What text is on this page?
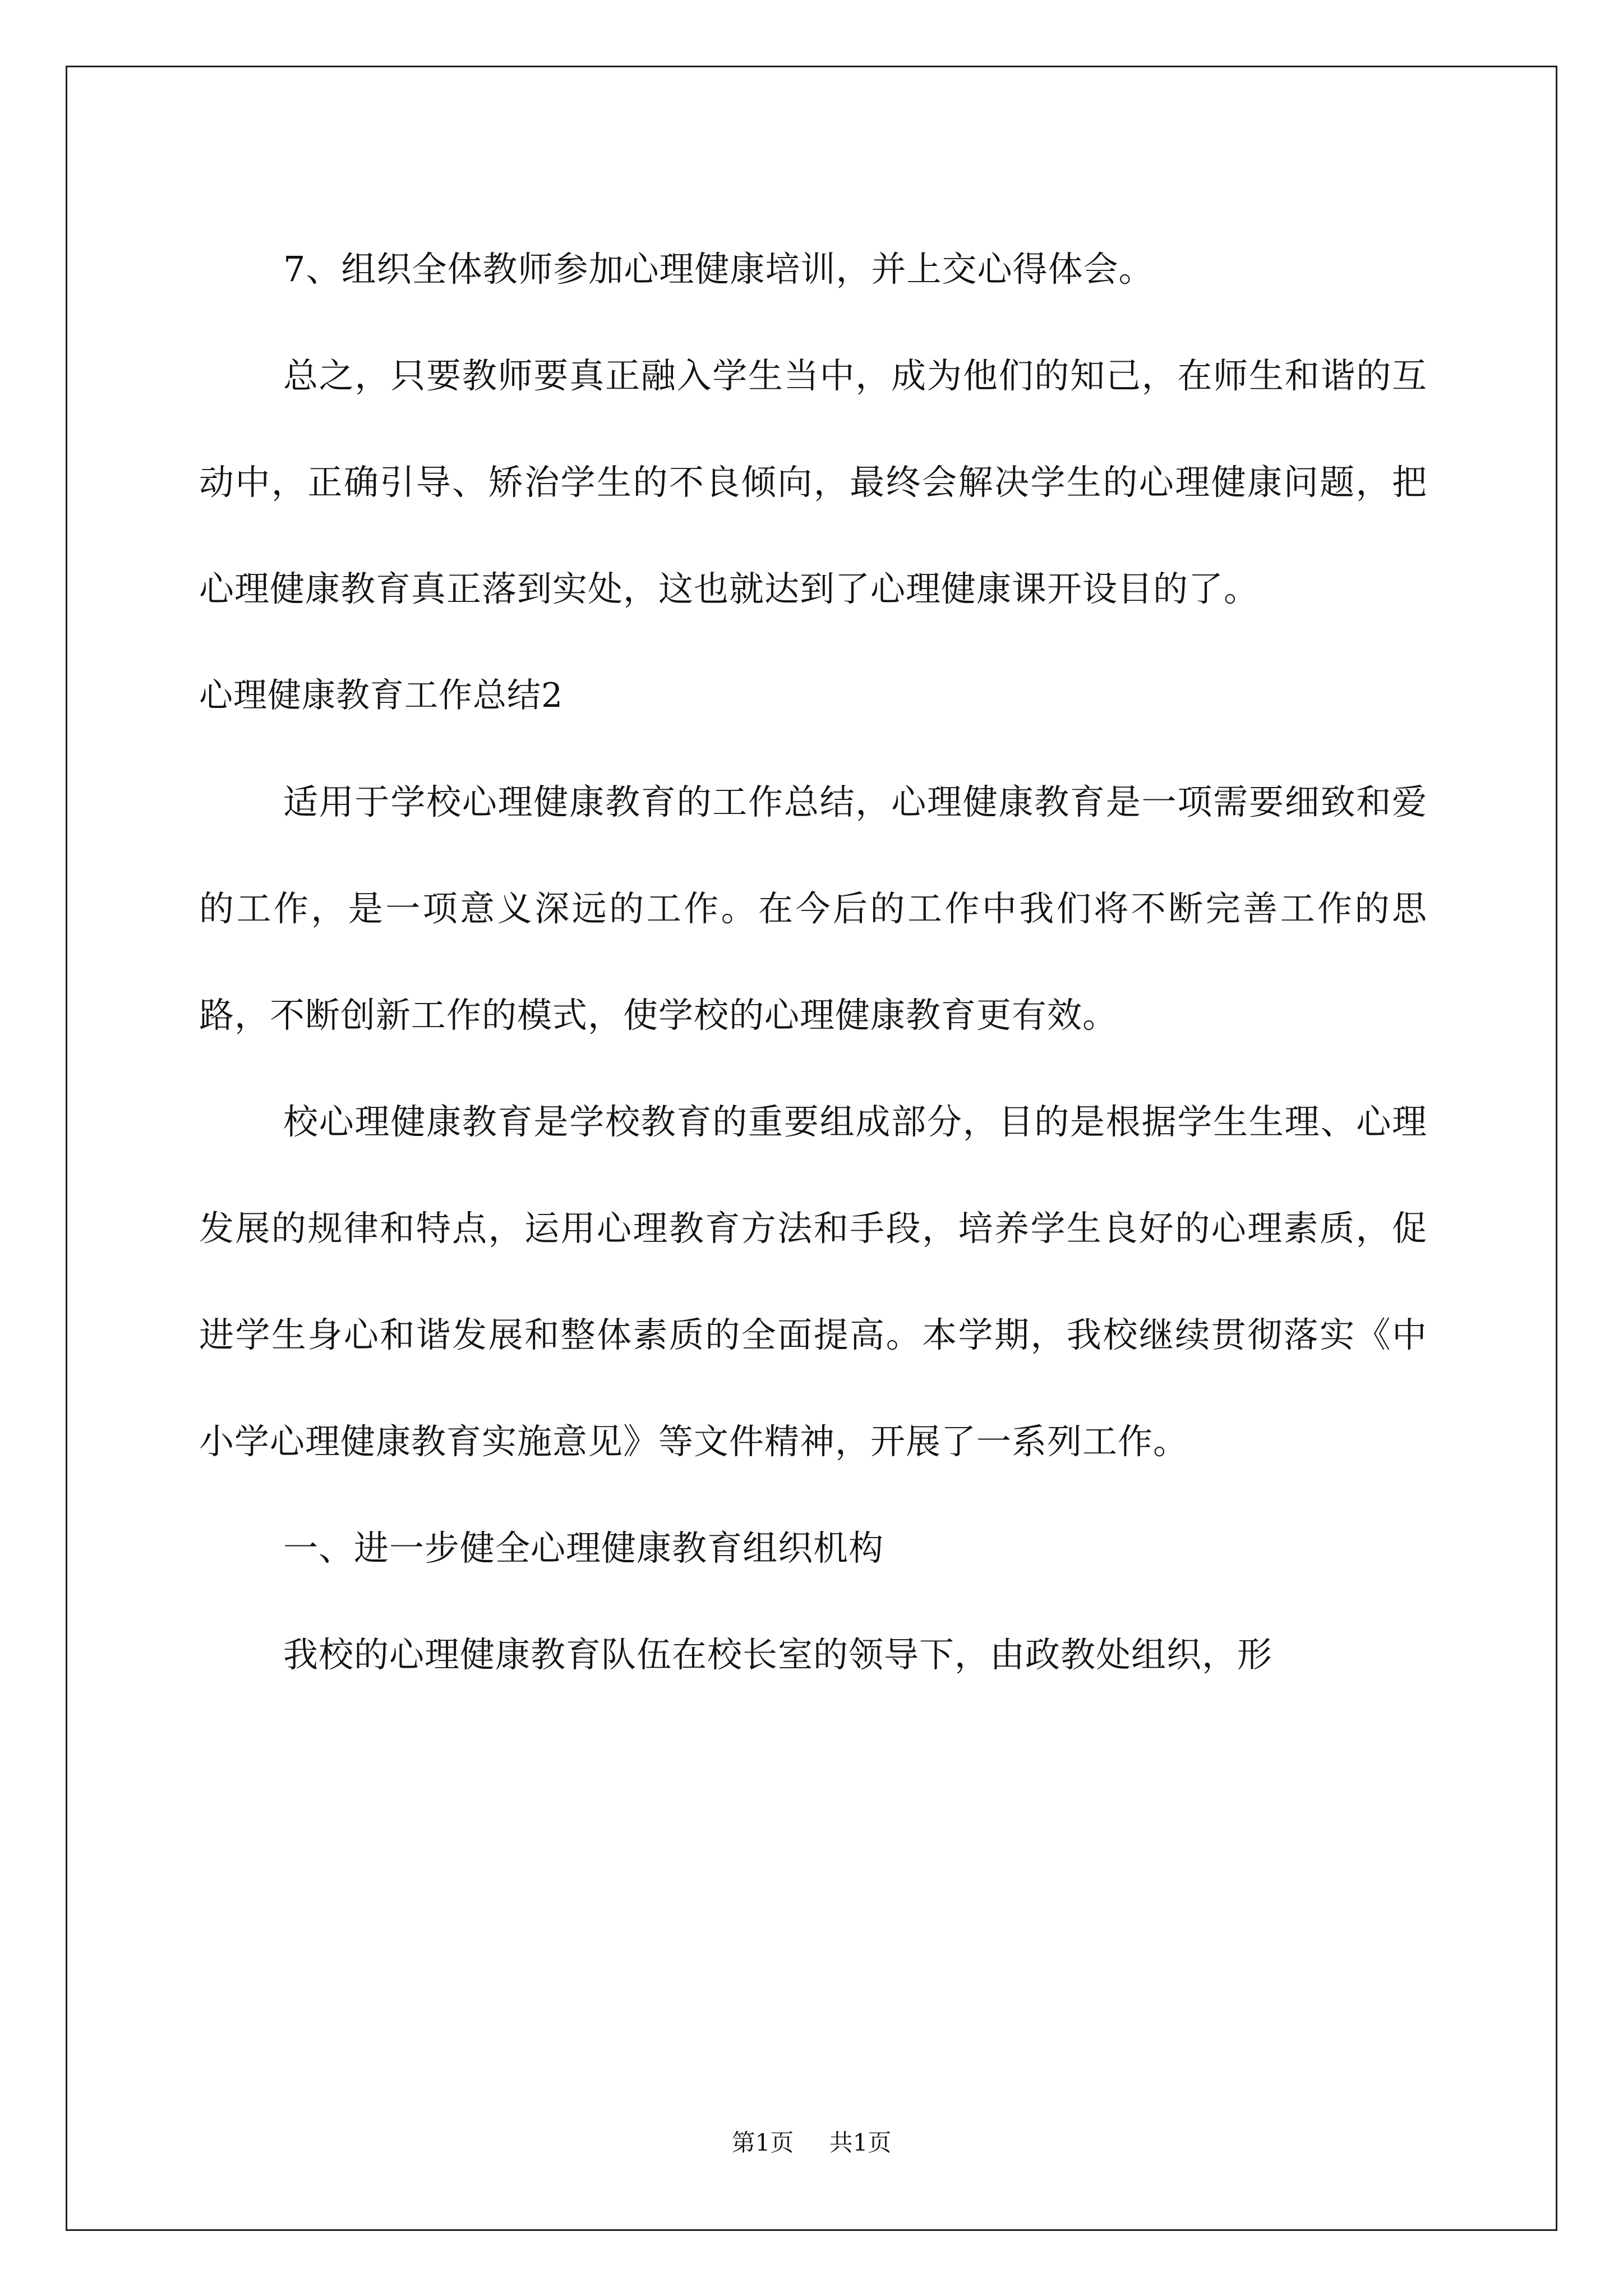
7、组织全体教师参加心理健康培训，并上交心得体会。

总之，只要教师要真正融入学生当中，成为他们的知己，在师生和谐的互动中，正确引导、矫治学生的不良倾向，最终会解决学生的心理健康问题，把心理健康教育真正落到实处，这也就达到了心理健康课开设目的了。

心理健康教育工作总结2

适用于学校心理健康教育的工作总结，心理健康教育是一项需要细致和爱的工作，是一项意义深远的工作。在今后的工作中我们将不断完善工作的思路，不断创新工作的模式，使学校的心理健康教育更有效。

校心理健康教育是学校教育的重要组成部分，目的是根据学生生理、心理发展的规律和特点，运用心理教育方法和手段，培养学生良好的心理素质，促进学生身心和谐发展和整体素质的全面提高。本学期，我校继续贯彻落实《中小学心理健康教育实施意见》等文件精神，开展了一系列工作。

一、进一步健全心理健康教育组织机构

我校的心理健康教育队伍在校长室的领导下，由政教处组织，形

第1页 共1页
